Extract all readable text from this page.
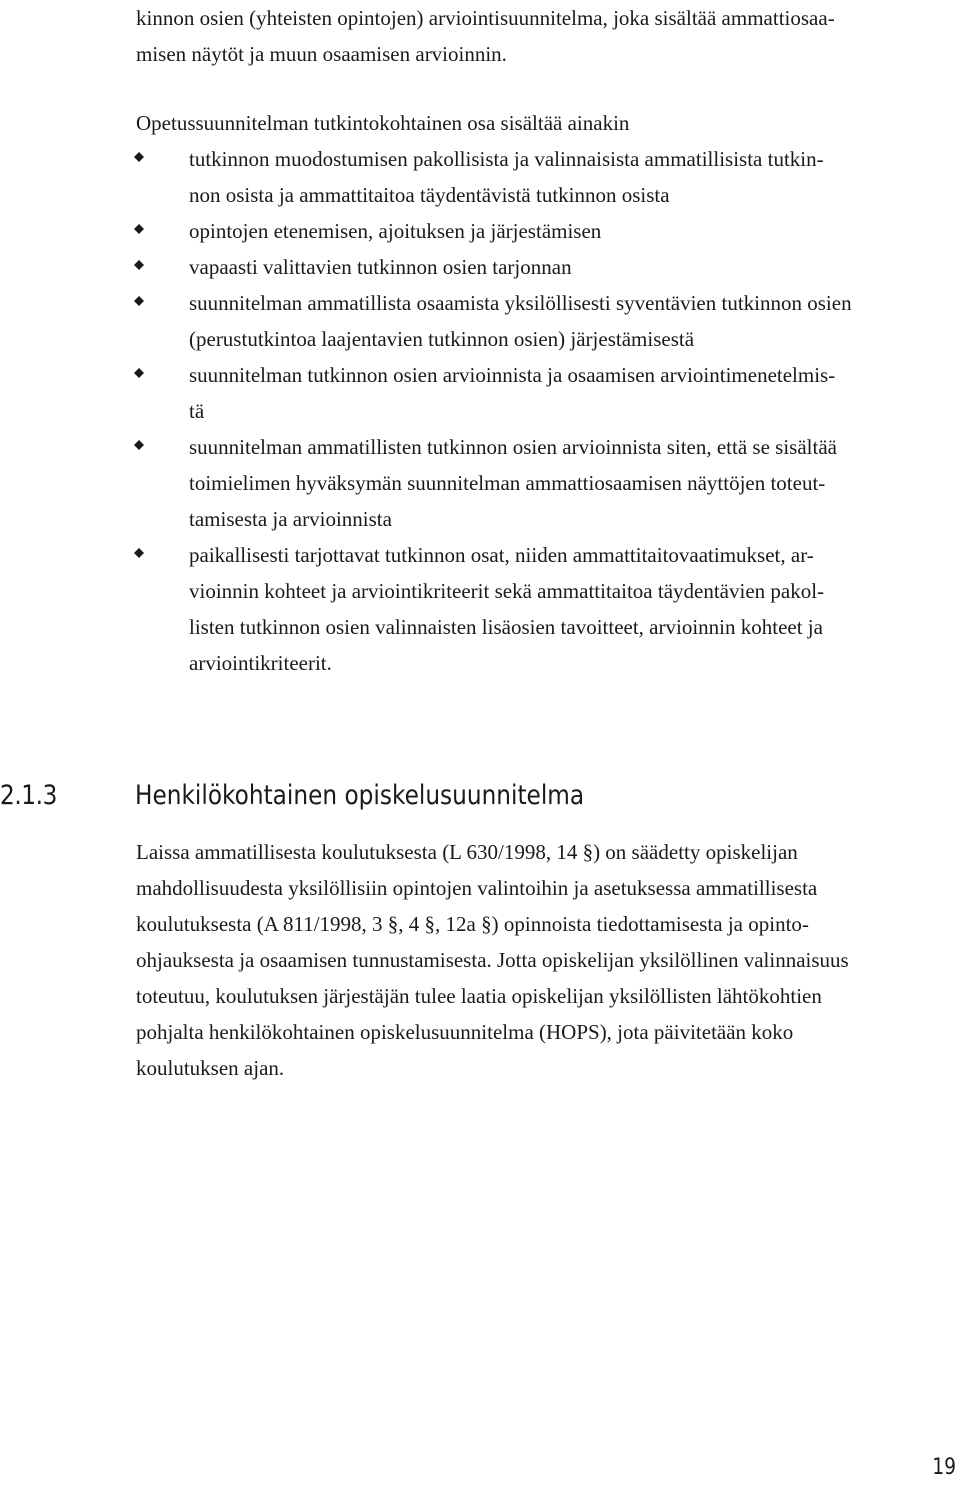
kinnon osien (yhteisten opintojen) arviointisuunnitelma, joka sisältää ammattiosaa-
misen näytöt ja muun osaamisen arvioinnin.

Opetussuunnitelman tutkintokohtainen osa sisältää ainakin

tutkinnon muodostumisen pakollisista ja valinnaisista ammatillisista tutkin-
non osista ja ammattitaitoa täydentävistä tutkinnon osista
opintojen etenemisen, ajoituksen ja järjestämisen
vapaasti valittavien tutkinnon osien tarjonnan
suunnitelman ammatillista osaamista yksilöllisesti syventävien tutkinnon osien
(perustutkintoa laajentavien tutkinnon osien) järjestämisestä
suunnitelman tutkinnon osien arvioinnista ja osaamisen arviointimenetelmis-
tä
suunnitelman ammatillisten tutkinnon osien arvioinnista siten, että se sisältää
toimielimen hyväksymän suunnitelman ammattiosaamisen näyttöjen toteut-
tamisesta ja arvioinnista
paikallisesti tarjottavat tutkinnon osat, niiden ammattitaitovaatimukset, ar-
vioinnin kohteet ja arviointikriteerit sekä ammattitaitoa täydentävien pakol-
listen tutkinnon osien valinnaisten lisäosien tavoitteet, arvioinnin kohteet ja
arviointikriteerit.
2.1.3	Henkilökohtainen opiskelusuunnitelma

Laissa ammatillisesta koulutuksesta (L 630/1998, 14 §) on säädetty opiskelijan
mahdollisuudesta yksilöllisiin opintojen valintoihin ja asetuksessa ammatillisesta
koulutuksesta (A 811/1998, 3 §, 4 §, 12a §) opinnoista tiedottamisesta ja opinto-
ohjauksesta ja osaamisen tunnustamisesta. Jotta opiskelijan yksilöllinen valinnaisuus
toteutuu, koulutuksen järjestäjän tulee laatia opiskelijan yksilöllisten lähtökohtien
pohjalta henkilökohtainen opiskelusuunnitelma (HOPS), jota päivitetään koko
koulutuksen ajan.

19
